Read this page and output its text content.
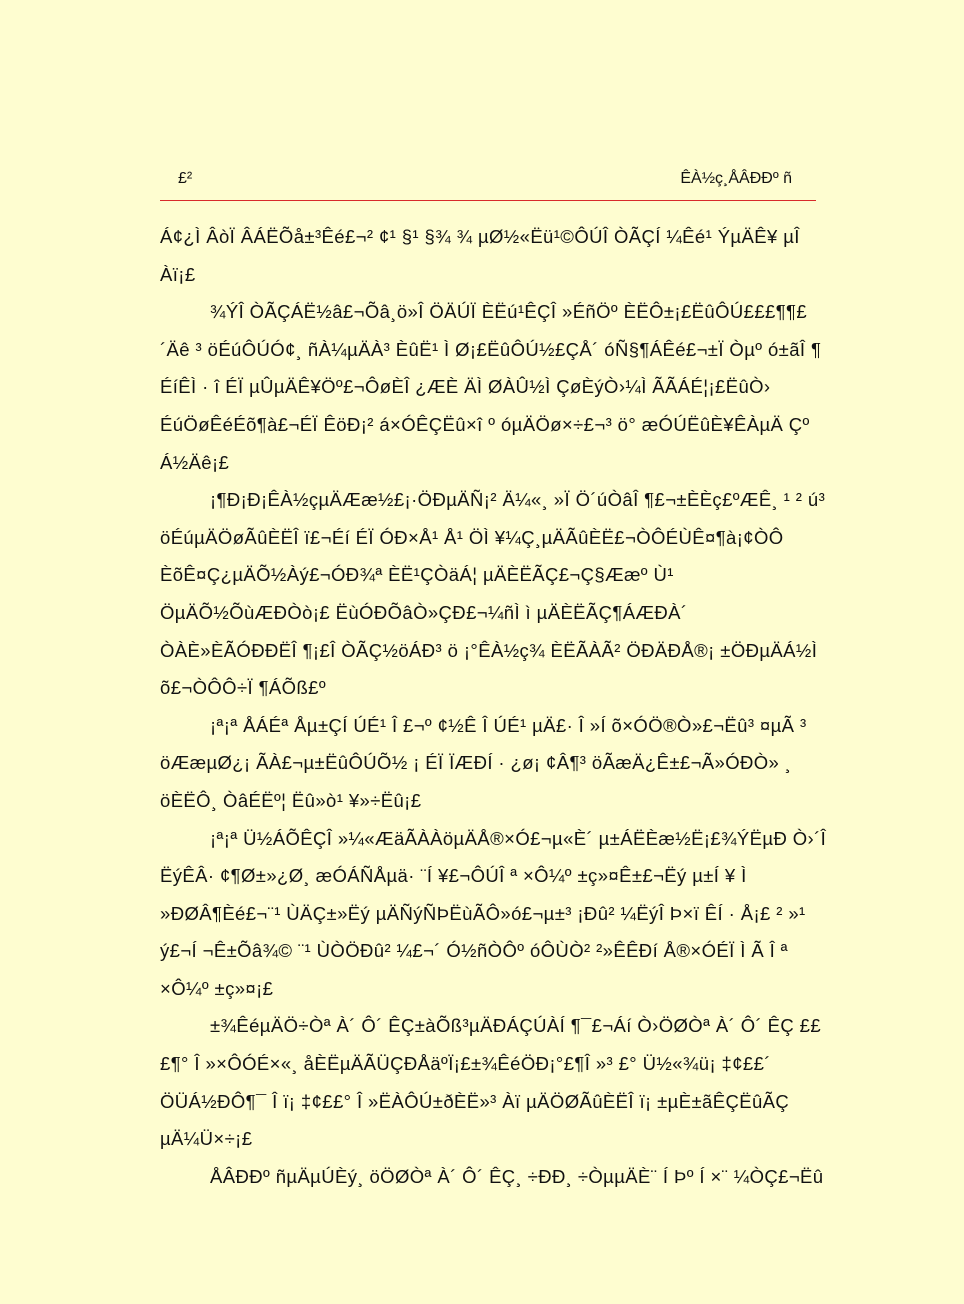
£²	ÊÀ½ç¸ÅÂÐÐº ñ

Á¢¿Ì ÂòÏ ÂÁËÕå±³Êé£¬² ¢¹ §¹ §¾ ¾ µØ½«Ëü¹©ÔÚÎ ÒÃÇÍ ¼Êé¹ ÝµÄÊ¥ µÎ Àï¡£

¾ÝÎ ÒÃÇÁË½â£¬Õâ¸ö»Î ÖÄÚÏ ÈËú¹ÊÇÎ »ÉñÖº ÈËÔ±¡£ËûÔÚ£££¶¶£´Äê ³ öÉúÔÚÓ¢¸ ñÀ¼µÄÀ³ ÈûË¹ Ì Ø¡£ËûÔÚ½£ÇÅ´ óÑ§¶ÁÊé£¬±Ï Òµº ó±ãÎ ¶ ÉíÊÌ · î ÉÏ µÛµÄÊ¥Öº£¬ÔøÈÎ ¿ÆÈ ÄÌ ØÀÛ½Ì ÇøÈýÒ›¼Ì ÃÃÁÉ¦¡£ËûÒ› ÉúÖøÊéÉõ¶à£¬ÉÏ ÊöÐ¡² á×ÓÊÇËû×î º óµÄÖø×÷£¬³ ö° æÓÚËûÈ¥ÊÀµÄ Çº Á½Äê¡£

¡¶Ð¡Ð¡ÊÀ½çµÄÆæ½£¡·ÖÐµÄÑ¡² Ä¼«¸ »Ï Ö´úÒâÎ ¶£¬±ÈÈç£ºÆÊ¸ ¹ ² ú³ öÉúµÄÖøÃûÈËÎ ï£¬Éí ÉÏ ÓÐ×Å¹ Å¹ ÖÌ ¥¼Ç¸µÄÃûÈË£¬ÒÔÉÙÊ¤¶à¡¢ÒÔ ÈõÊ¤Ç¿µÄÕ½Àý£¬ÓÐ¾ª ÈË¹ÇÒäÁ¦ µÄÈËÃÇ£¬Ç§Ææº Ù¹ ÖµÄÕ½ÕùÆÐÒò¡£ ËùÓÐÕâÒ»ÇÐ£¬¼ñÌ ì µÄÈËÃÇ¶ÁÆÐÀ´ ÒÀÈ»ÈÃÓÐÐËÎ ¶¡£Î ÒÃÇ½öÁÐ³ ö ¡°ÊÀ½ç¾ ÈËÃÀÃ² ÖÐÄÐÅ®¡ ±ÖÐµÄÁ½Ì õ£¬ÒÔÔ÷Ï ¶ÁÕß£º

¡ª¡ª ÅÁÉª Åµ±ÇÍ ÚÉ¹ Î £¬º ¢½Ê Î ÚÉ¹ µÄ£· Î »Í õ×ÓÖ®Ò»£¬Ëû³ ¤µÃ ³ öÆæµØ¿¡ ÃÀ£¬µ±ËûÔÚÕ½ ¡ ÉÏ ÏÆÐÍ · ¿ø¡ ¢Â¶³ öÃæÄ¿Ê±£¬Ã»ÓÐÒ» ¸ öÈËÔ¸ ÒâÉËº¦ Ëû»ò¹ ¥»÷Ëû¡£

¡ª¡ª Ü½ÁÕÊÇÎ »¼«ÆäÃÀÀöµÄÅ®×Ó£¬µ«È´ µ±ÁËÈæ½Ë¡£¾ÝËµÐ Ò›´Î ËýÊÂ· ¢¶Ø±»¿Ø¸ æÓÁÑÅµä· ¨Í ¥£¬ÔÚÎ ª ×Ô¼º ±ç»¤Ê±£¬Ëý µ±Í ¥ Ì »ÐØÂ¶Èé£¬¨¹ ÙÄÇ±»Ëý µÄÑýÑÞËùÃÔ»ó£¬µ±³ ¡Ðû² ¼ËýÎ Þ×ï ÊÍ · Å¡£ ² »¹ ý£¬Í ¬Ê±Õâ¾© ¨¹ ÙÒÖÐû² ¼£¬´ Ó½ñÒÔº óÔÙÒ² ²»ÊÊÐí Å®×ÓÉÏ Ì Ã Î ª ×Ô¼º ±ç»¤¡£

±¾ÊéµÄÖ÷Òª À´ Ô´ ÊÇ±àÕß³µÄÐÁÇÚÀÍ ¶¯£¬Áí Ò›ÖØÒª À´ Ô´ ÊÇ £££¶° Î »×ÔÓÉ×«¸ åÈËµÄÃÜÇÐÅäºÏ¡£±¾ÊéÖÐ¡°£¶Î »³ £° Ü½«¾ü¡ ‡¢££´ ÖÜÁ½ÐÔ¶¯ Î ï¡ ‡¢££° Î »ËÀÔÚ±ðÈË»³ Àï µÄÖØÃûÈËÎ ï¡ ±µÈ±ãÊÇËûÃÇ µÄ¼Ü×÷¡£

ÅÂÐÐº ñµÄµÚÈý¸ öÖØÒª À´ Ô´ ÊÇ¸ ÷ÐÐ¸ ÷ÒµµÄÈ¨ Í Þº Í ×¨ ¼ÒÇ£¬Ëû
